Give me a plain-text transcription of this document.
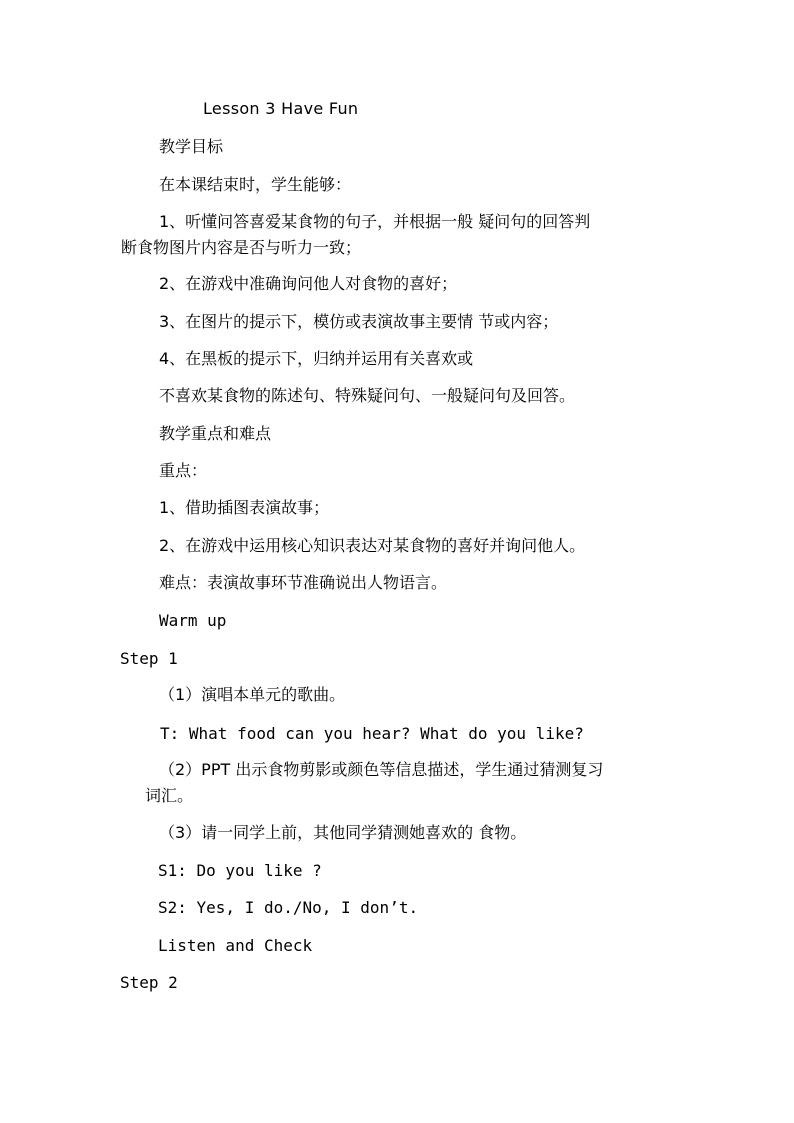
Lesson 3 Have Fun
教学目标
在本课结束时，学生能够：
1、听懂问答喜爱某食物的句子，并根据一般 疑问句的回答判
断食物图片内容是否与听力一致；
2、在游戏中准确询问他人对食物的喜好；
3、在图片的提示下，模仿或表演故事主要情 节或内容；
4、在黑板的提示下，归纳并运用有关喜欢或
不喜欢某食物的陈述句、特殊疑问句、一般疑问句及回答。
教学重点和难点
重点：
1、借助插图表演故事；
2、在游戏中运用核心知识表达对某食物的喜好并询问他人。
难点：表演故事环节准确说出人物语言。
Warm up
Step 1
（1）演唱本单元的歌曲。
T: What food can you hear? What do you like?
（2）PPT 出示食物剪影或颜色等信息描述，学生通过猜测复习
词汇。
（3）请一同学上前，其他同学猜测她喜欢的 食物。
S1: Do you like ?
S2: Yes, I do./No, I don’t.
Listen and Check
Step 2
